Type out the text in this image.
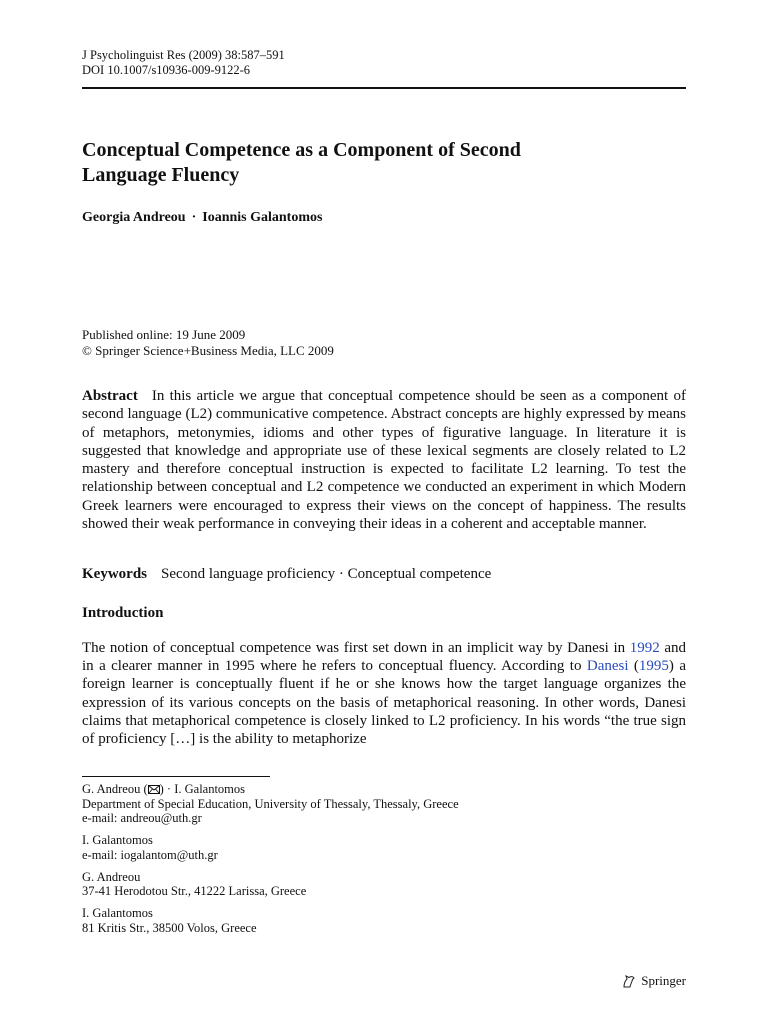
J Psycholinguist Res (2009) 38:587–591
DOI 10.1007/s10936-009-9122-6
Conceptual Competence as a Component of Second
Language Fluency
Georgia Andreou · Ioannis Galantomos
Published online: 19 June 2009
© Springer Science+Business Media, LLC 2009

Abstract In this article we argue that conceptual competence should be seen as a component of second language (L2) communicative competence. Abstract concepts are highly expressed by means of metaphors, metonymies, idioms and other types of figurative language. In literature it is suggested that knowledge and appropriate use of these lexical segments are closely related to L2 mastery and therefore conceptual instruction is expected to facilitate L2 learning. To test the relationship between conceptual and L2 competence we conducted an experiment in which Modern Greek learners were encouraged to express their views on the concept of happiness. The results showed their weak performance in conveying their ideas in a coherent and acceptable manner.

Keywords Second language proficiency · Conceptual competence
Introduction

The notion of conceptual competence was first set down in an implicit way by Danesi in 1992 and in a clearer manner in 1995 where he refers to conceptual fluency. According to Danesi (1995) a foreign learner is conceptually fluent if he or she knows how the target language organizes the expression of its various concepts on the basis of metaphorical reasoning. In other words, Danesi claims that metaphorical competence is closely linked to L2 proficiency. In his words “the true sign of proficiency […] is the ability to metaphorize

G. Andreou ( ) · I. Galantomos
Department of Special Education, University of Thessaly, Thessaly, Greece
e-mail: andreou@uth.gr
I. Galantomos
e-mail: iogalantom@uth.gr
G. Andreou
37-41 Herodotou Str., 41222 Larissa, Greece
I. Galantomos
81 Kritis Str., 38500 Volos, Greece
Springer
